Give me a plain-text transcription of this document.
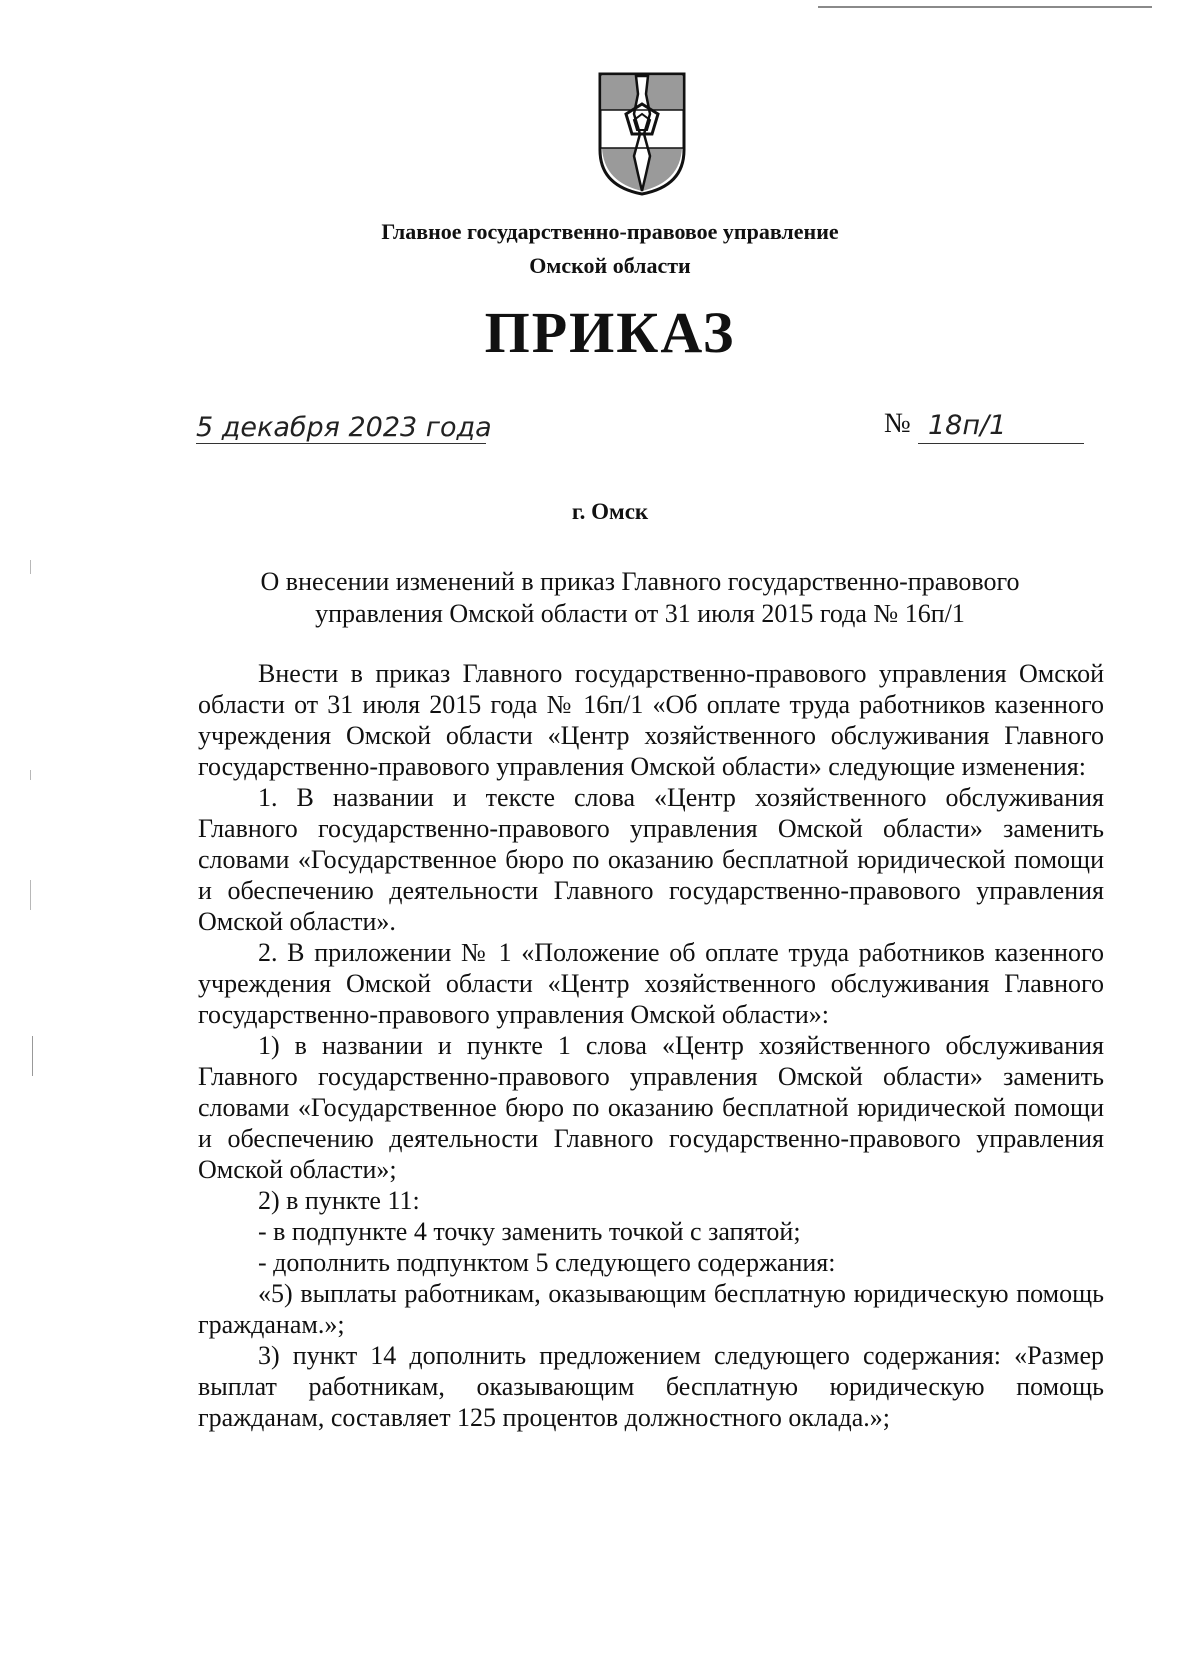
Главное государственно-правовое управление
Омской области
ПРИКАЗ
5 декабря 2023 года	№ 18п/1
г. Омск
О внесении изменений в приказ Главного государственно-правового управления Омской области от 31 июля 2015 года № 16п/1

Внести в приказ Главного государственно-правового управления Омской области от 31 июля 2015 года № 16п/1 «Об оплате труда работников казенного учреждения Омской области «Центр хозяйственного обслуживания Главного государственно-правового управления Омской области» следующие изменения:

1. В названии и тексте слова «Центр хозяйственного обслуживания Главного государственно-правового управления Омской области» заменить словами «Государственное бюро по оказанию бесплатной юридической помощи и обеспечению деятельности Главного государственно-правового управления Омской области».

2. В приложении № 1 «Положение об оплате труда работников казенного учреждения Омской области «Центр хозяйственного обслуживания Главного государственно-правового управления Омской области»:

1) в названии и пункте 1 слова «Центр хозяйственного обслуживания Главного государственно-правового управления Омской области» заменить словами «Государственное бюро по оказанию бесплатной юридической помощи и обеспечению деятельности Главного государственно-правового управления Омской области»;

2) в пункте 11:

- в подпункте 4 точку заменить точкой с запятой;

- дополнить подпунктом 5 следующего содержания:

«5) выплаты работникам, оказывающим бесплатную юридическую помощь гражданам.»;

3) пункт 14 дополнить предложением следующего содержания: «Размер выплат работникам, оказывающим бесплатную юридическую помощь гражданам, составляет 125 процентов должностного оклада.»;
